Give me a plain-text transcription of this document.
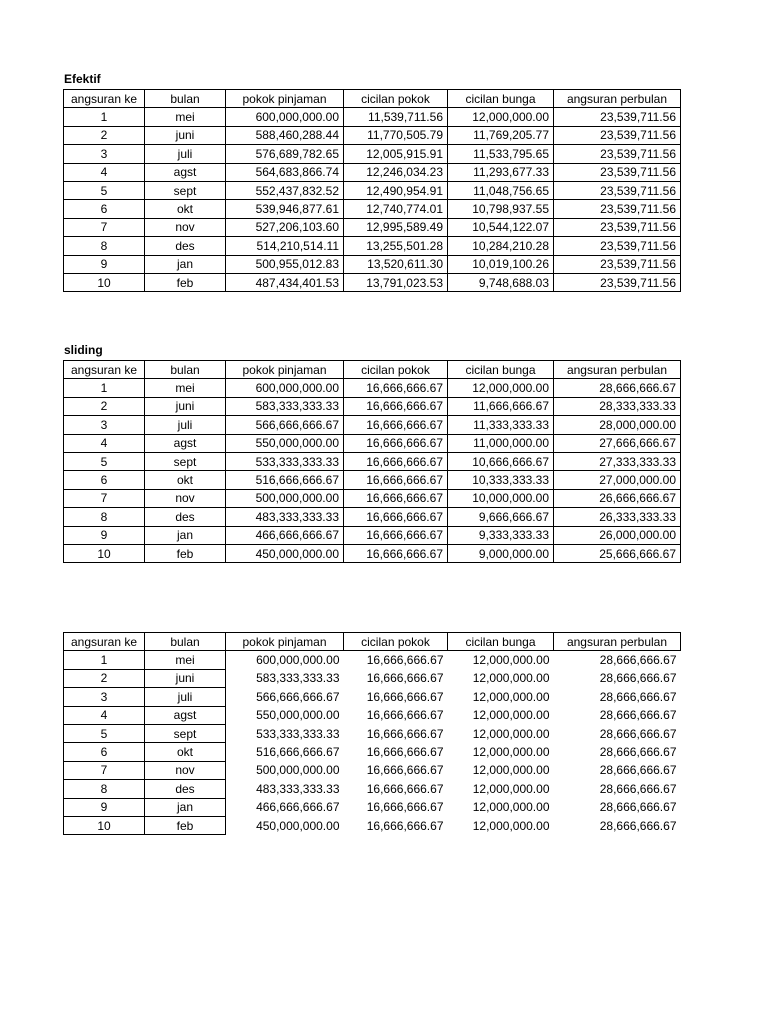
Efektif
angsuran ke	bulan	pokok pinjaman	cicilan pokok	cicilan bunga	angsuran perbulan
1	mei	600,000,000.00	11,539,711.56	12,000,000.00	23,539,711.56
2	juni	588,460,288.44	11,770,505.79	11,769,205.77	23,539,711.56
3	juli	576,689,782.65	12,005,915.91	11,533,795.65	23,539,711.56
4	agst	564,683,866.74	12,246,034.23	11,293,677.33	23,539,711.56
5	sept	552,437,832.52	12,490,954.91	11,048,756.65	23,539,711.56
6	okt	539,946,877.61	12,740,774.01	10,798,937.55	23,539,711.56
7	nov	527,206,103.60	12,995,589.49	10,544,122.07	23,539,711.56
8	des	514,210,514.11	13,255,501.28	10,284,210.28	23,539,711.56
9	jan	500,955,012.83	13,520,611.30	10,019,100.26	23,539,711.56
10	feb	487,434,401.53	13,791,023.53	9,748,688.03	23,539,711.56
sliding
angsuran ke	bulan	pokok pinjaman	cicilan pokok	cicilan bunga	angsuran perbulan
1	mei	600,000,000.00	16,666,666.67	12,000,000.00	28,666,666.67
2	juni	583,333,333.33	16,666,666.67	11,666,666.67	28,333,333.33
3	juli	566,666,666.67	16,666,666.67	11,333,333.33	28,000,000.00
4	agst	550,000,000.00	16,666,666.67	11,000,000.00	27,666,666.67
5	sept	533,333,333.33	16,666,666.67	10,666,666.67	27,333,333.33
6	okt	516,666,666.67	16,666,666.67	10,333,333.33	27,000,000.00
7	nov	500,000,000.00	16,666,666.67	10,000,000.00	26,666,666.67
8	des	483,333,333.33	16,666,666.67	9,666,666.67	26,333,333.33
9	jan	466,666,666.67	16,666,666.67	9,333,333.33	26,000,000.00
10	feb	450,000,000.00	16,666,666.67	9,000,000.00	25,666,666.67
angsuran ke	bulan	pokok pinjaman	cicilan pokok	cicilan bunga	angsuran perbulan
1	mei	600,000,000.00	16,666,666.67	12,000,000.00	28,666,666.67
2	juni	583,333,333.33	16,666,666.67	12,000,000.00	28,666,666.67
3	juli	566,666,666.67	16,666,666.67	12,000,000.00	28,666,666.67
4	agst	550,000,000.00	16,666,666.67	12,000,000.00	28,666,666.67
5	sept	533,333,333.33	16,666,666.67	12,000,000.00	28,666,666.67
6	okt	516,666,666.67	16,666,666.67	12,000,000.00	28,666,666.67
7	nov	500,000,000.00	16,666,666.67	12,000,000.00	28,666,666.67
8	des	483,333,333.33	16,666,666.67	12,000,000.00	28,666,666.67
9	jan	466,666,666.67	16,666,666.67	12,000,000.00	28,666,666.67
10	feb	450,000,000.00	16,666,666.67	12,000,000.00	28,666,666.67
